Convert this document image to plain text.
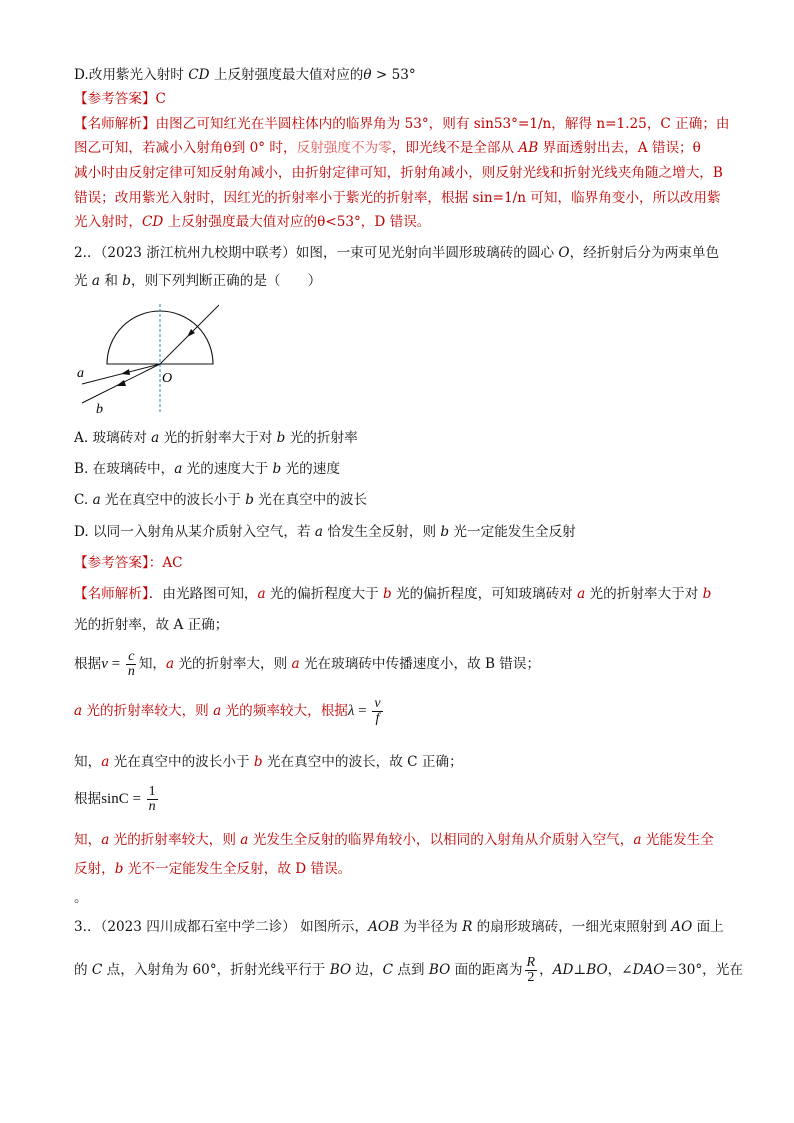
D.改用紫光入射时 CD 上反射强度最大值对应的θ > 53°
【参考答案】C
【名师解析】由图乙可知红光在半圆柱体内的临界角为 53°，则有 sin53°=1/n，解得 n=1.25，C 正确；由
图乙可知，若减小入射角θ到 0° 时，反射强度不为零，即光线不是全部从 AB 界面透射出去，A 错误；θ
减小时由反射定律可知反射角减小，由折射定律可知，折射角减小，则反射光线和折射光线夹角随之增大，B
错误；改用紫光入射时，因红光的折射率小于紫光的折射率，根据 sin=1/n 可知，临界角变小，所以改用紫
光入射时，CD 上反射强度最大值对应的θ<53°，D 错误。
2.．（2023 浙江杭州九校期中联考）如图，一束可见光射向半圆形玻璃砖的圆心 O，经折射后分为两束单色
光 a 和 b，则下列判断正确的是（　　）
a
b
O
A. 玻璃砖对 a 光的折射率大于对 b 光的折射率
B. 在玻璃砖中，a 光的速度大于 b 光的速度
C. a 光在真空中的波长小于 b 光在真空中的波长
D. 以同一入射角从某介质射入空气，若 a 恰发生全反射，则 b 光一定能发生全反射
【参考答案】：AC
【名师解析】．由光路图可知，a 光的偏折程度大于 b 光的偏折程度，可知玻璃砖对 a 光的折射率大于对 b
光的折射率，故 A 正确；
根据$v = \frac{c}{n}$ 知，a 光的折射率大，则 a 光在玻璃砖中传播速度小，故 B 错误；
a 光的折射率较大，则 a 光的频率较大，根据$\lambda = \frac{v}{f}$
知，a 光在真空中的波长小于 b 光在真空中的波长，故 C 正确；
根据$\sin C = \frac{1}{n}$
知，a 光的折射率较大，则 a 光发生全反射的临界角较小，以相同的入射角从介质射入空气，a 光能发生全
反射，b 光不一定能发生全反射，故 D 错误。
。
3.．（2023 四川成都石室中学二诊） 如图所示，AOB 为半径为 R 的扇形玻璃砖，一细光束照射到 AO 面上
的 C 点，入射角为 60°，折射光线平行于 BO 边，C 点到 BO 面的距离为 $\frac{R}{2}$ ，AD⊥BO，∠DAO＝30°，光在
